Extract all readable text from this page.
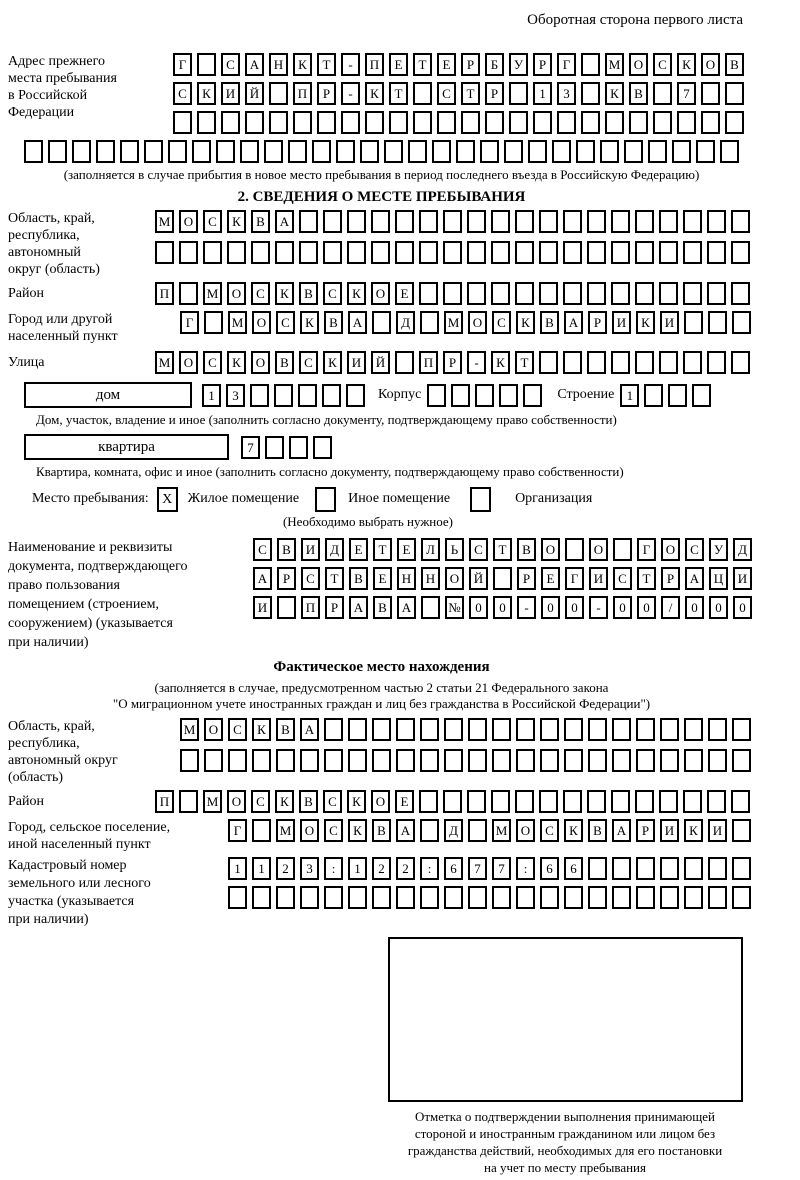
Оборотная сторона первого листа
Адрес прежнего
места пребывания
в Российской
Федерации
Г	С А Н К Т - П Е Т Е Р Б У Р Г	М О С К О В
С К И Й	П Р - К Т	С Т Р	1 3	К В	7
(заполняется в случае прибытия в новое место пребывания в период последнего въезда в Российскую Федерацию)
2. СВЕДЕНИЯ О МЕСТЕ ПРЕБЫВАНИЯ
Область, край,
республика,
автономный
округ (область)
М О С К В А
Район	П	М О С К В С К О Е
Город или другой
населенный пункт
Г	М О С К В А	Д	М О С К В А Р И К И
Улица	М О С К О В С К И Й	П Р - К Т
дом	1 3	Корпус	Строение 1
Дом, участок, владение и иное (заполнить согласно документу, подтверждающему право собственности)
квартира	7
Квартира, комната, офис и иное (заполнить согласно документу, подтверждающему право собственности)
Место пребывания: X	Жилое помещение	Иное помещение	Организация
(Необходимо выбрать нужное)
Наименование и реквизиты
документа, подтверждающего
право пользования
помещением (строением,
сооружением) (указывается
при наличии)
С В И Д Е Т Е Л Ь С Т В О	О	Г О С У Д
А Р С Т В Е Н Н О Й	Р Е Г И С Т Р А Ц И
И	П Р А В А	№ 0 0 - 0 0 - 0 0 / 0 0 0
Фактическое место нахождения
(заполняется в случае, предусмотренном частью 2 статьи 21 Федерального закона
"О миграционном учете иностранных граждан и лиц без гражданства в Российской Федерации")
Область, край,
республика,
автономный округ
(область)
М О С К В А
Район	П	М О С К В С К О Е
Город, сельское поселение,
иной населенный пункт
Г	М О С К В А	Д	М О С К В А Р И К И
Кадастровый номер
земельного или лесного
участка (указывается
при наличии)
1 1 2 3 : 1 2 2 : 6 7 7 : 6 6
Отметка о подтверждении выполнения принимающей
стороной и иностранным гражданином или лицом без
гражданства действий, необходимых для его постановки
на учет по месту пребывания
